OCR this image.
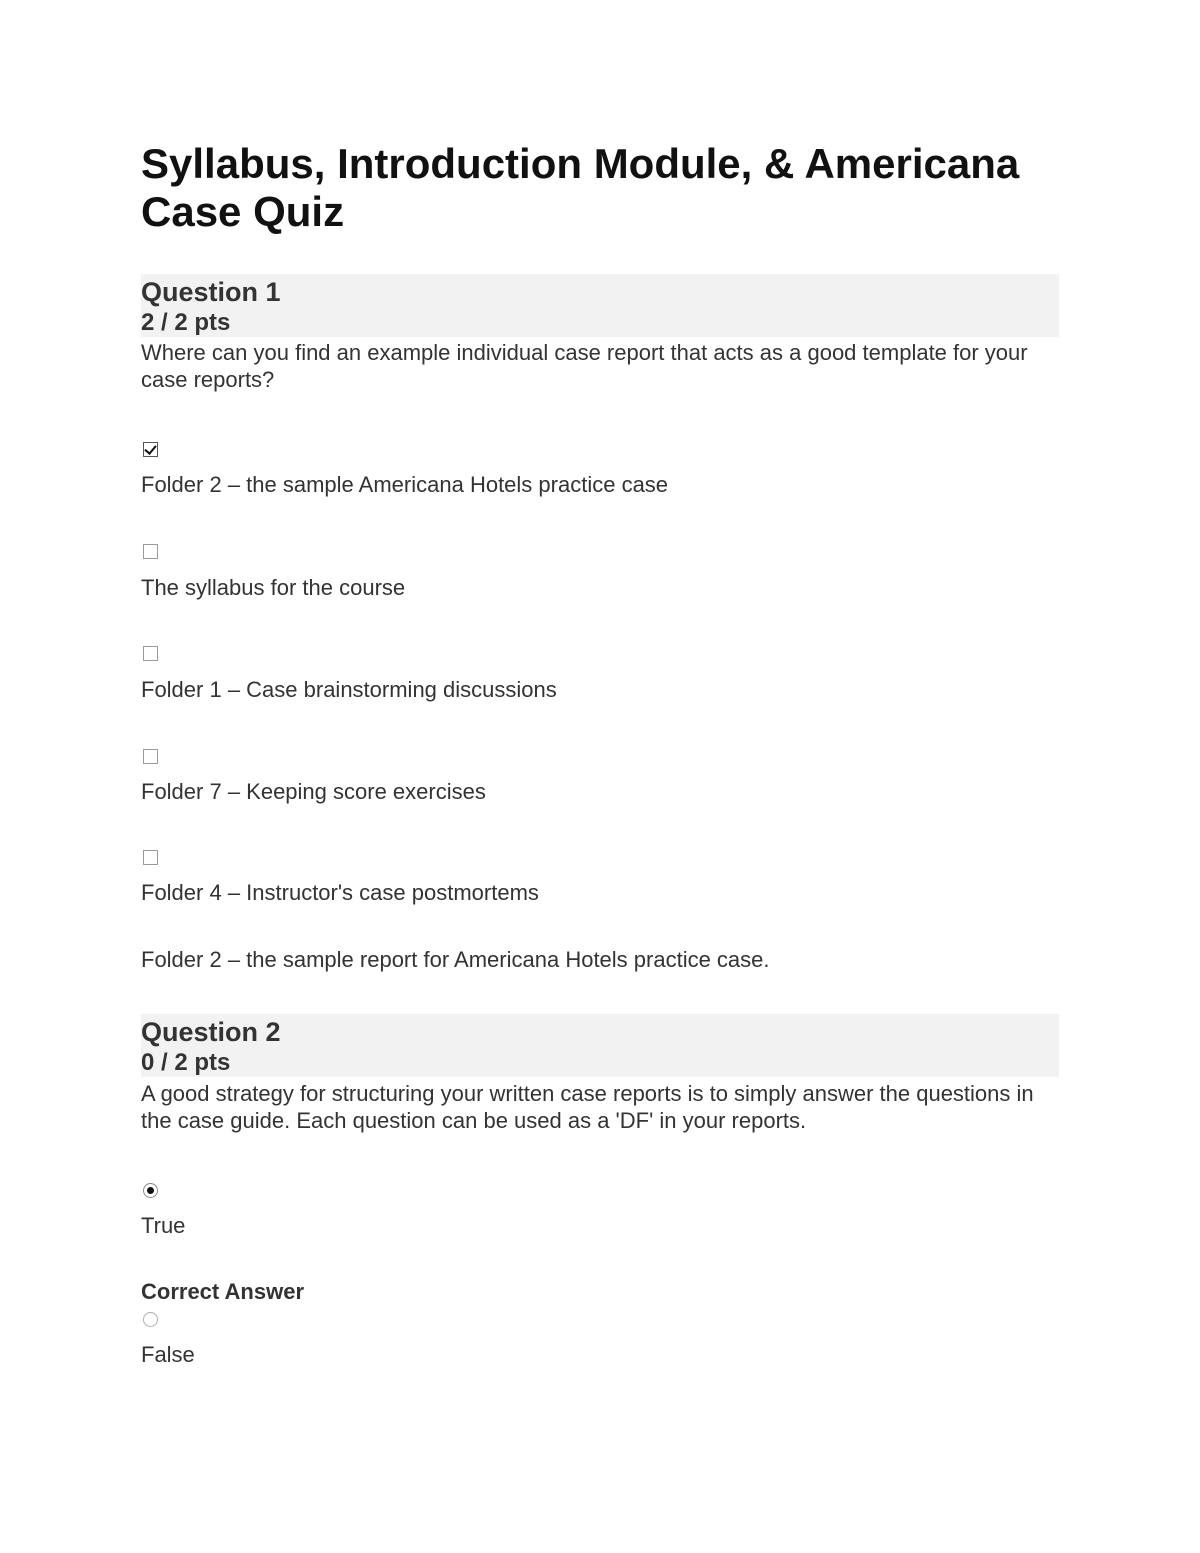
Syllabus, Introduction Module, & Americana Case Quiz
Question 1
2 / 2 pts
Where can you find an example individual case report that acts as a good template for your case reports?
Folder 2 – the sample Americana Hotels practice case
The syllabus for the course
Folder 1 – Case brainstorming discussions
Folder 7 – Keeping score exercises
Folder 4 – Instructor's case postmortems
Folder 2 – the sample report for Americana Hotels practice case.
Question 2
0 / 2 pts
A good strategy for structuring your written case reports is to simply answer the questions in the case guide. Each question can be used as a 'DF' in your reports.
True
Correct Answer
False
